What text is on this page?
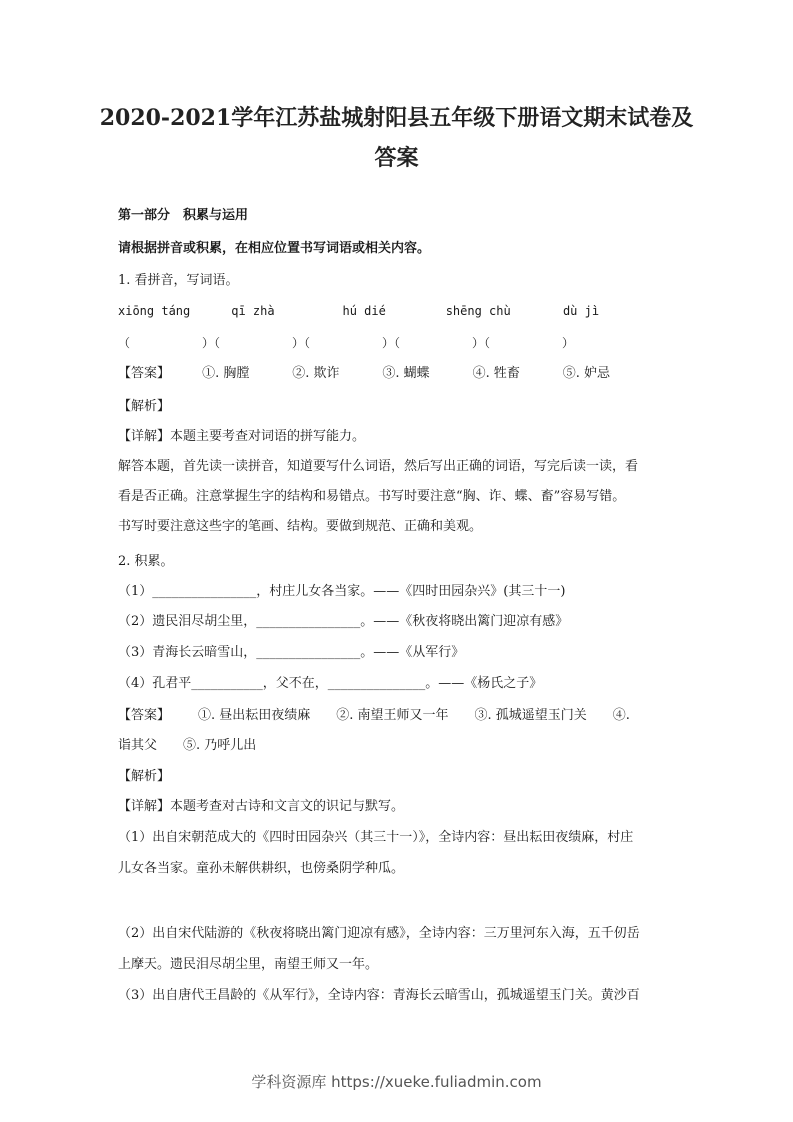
2020-2021学年江苏盐城射阳县五年级下册语文期末试卷及
答案
第一部分　积累与运用
请根据拼音或积累，在相应位置书写词语或相关内容。
1. 看拼音，写词语。
xiōng táng	qī zhà	hú dié	shēng chù	dù jì
（　　　　　　）（　　　　　　）（　　　　　　）（　　　　　　）（　　　　　　）
【答案】 ①. 胸膛	②. 欺诈	③. 蝴蝶	④. 牲畜	⑤. 妒忌
【解析】
【详解】本题主要考查对词语的拼写能力。
解答本题，首先读一读拼音，知道要写什么词语，然后写出正确的词语，写完后读一读，看
看是否正确。注意掌握生字的结构和易错点。书写时要注意“胸、诈、蝶、畜”容易写错。
书写时要注意这些字的笔画、结构。要做到规范、正确和美观。
2. 积累。
（1）________________，村庄儿女各当家。——《四时田园杂兴》(其三十一)
（2）遗民泪尽胡尘里，________________。——《秋夜将晓出篱门迎凉有感》
（3）青海长云暗雪山，________________。——《从军行》
（4）孔君平___________，父不在，_______________。——《杨氏之子》
【答案】 ①. 昼出耘田夜绩麻　　②. 南望王师又一年　　③. 孤城遥望玉门关　　④.
诣其父　　⑤. 乃呼儿出
【解析】
【详解】本题考查对古诗和文言文的识记与默写。
（1）出自宋朝范成大的《四时田园杂兴（其三十一）》，全诗内容：昼出耘田夜绩麻，村庄
儿女各当家。童孙未解供耕织，也傍桑阴学种瓜。
（2）出自宋代陆游的《秋夜将晓出篱门迎凉有感》，全诗内容：三万里河东入海，五千仞岳
上摩天。遗民泪尽胡尘里，南望王师又一年。
（3）出自唐代王昌龄的《从军行》，全诗内容：青海长云暗雪山，孤城遥望玉门关。黄沙百
学科资源库 https://xueke.fuliadmin.com
